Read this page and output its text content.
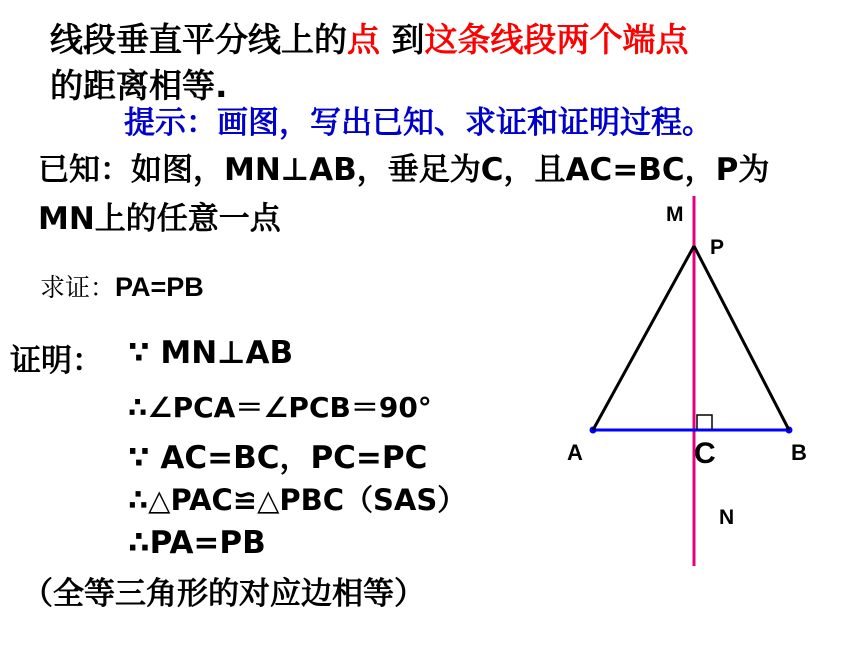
线段垂直平分线上的点 到这条线段两个端点
的距离相等.
提示：画图，写出已知、求证和证明过程。
已知：如图，MN⊥AB，垂足为C，且AC=BC，P为
MN上的任意一点
求证：PA=PB
证明： ∵ MN⊥AB
∴∠PCA＝∠PCB＝90°
∵ AC=BC，PC=PC
∴△PAC≌△PBC（SAS）
∴PA=PB
（全等三角形的对应边相等）
M
P
A	C	B
N
